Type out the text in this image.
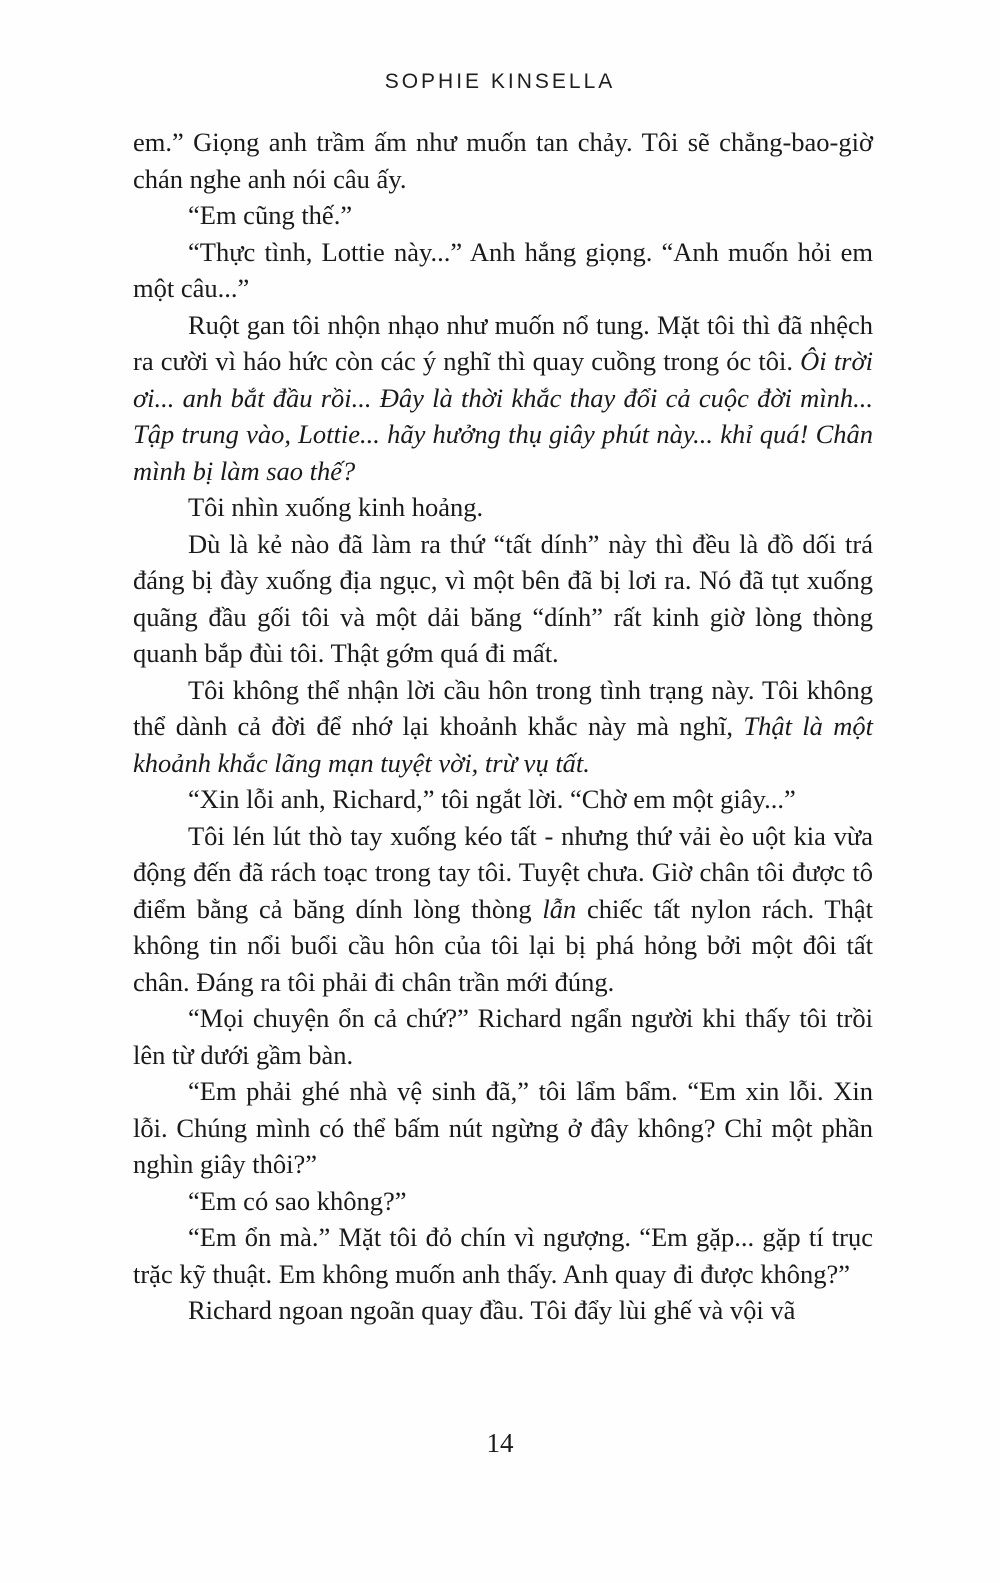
SOPHIE KINSELLA

em.” Giọng anh trầm ấm như muốn tan chảy. Tôi sẽ chẳng-bao-giờ chán nghe anh nói câu ấy.

“Em cũng thế.”

“Thực tình, Lottie này...” Anh hắng giọng. “Anh muốn hỏi em một câu...”

Ruột gan tôi nhộn nhạo như muốn nổ tung. Mặt tôi thì đã nhệch ra cười vì háo hức còn các ý nghĩ thì quay cuồng trong óc tôi. Ôi trời ơi... anh bắt đầu rồi... Đây là thời khắc thay đổi cả cuộc đời mình... Tập trung vào, Lottie... hãy hưởng thụ giây phút này... khỉ quá! Chân mình bị làm sao thế?

Tôi nhìn xuống kinh hoảng.

Dù là kẻ nào đã làm ra thứ “tất dính” này thì đều là đồ dối trá đáng bị đày xuống địa ngục, vì một bên đã bị lơi ra. Nó đã tụt xuống quãng đầu gối tôi và một dải băng “dính” rất kinh giờ lòng thòng quanh bắp đùi tôi. Thật gớm quá đi mất.

Tôi không thể nhận lời cầu hôn trong tình trạng này. Tôi không thể dành cả đời để nhớ lại khoảnh khắc này mà nghĩ, Thật là một khoảnh khắc lãng mạn tuyệt vời, trừ vụ tất.

“Xin lỗi anh, Richard,” tôi ngắt lời. “Chờ em một giây...”

Tôi lén lút thò tay xuống kéo tất - nhưng thứ vải èo uột kia vừa động đến đã rách toạc trong tay tôi. Tuyệt chưa. Giờ chân tôi được tô điểm bằng cả băng dính lòng thòng lẫn chiếc tất nylon rách. Thật không tin nổi buổi cầu hôn của tôi lại bị phá hỏng bởi một đôi tất chân. Đáng ra tôi phải đi chân trần mới đúng.

“Mọi chuyện ổn cả chứ?” Richard ngẩn người khi thấy tôi trồi lên từ dưới gầm bàn.

“Em phải ghé nhà vệ sinh đã,” tôi lẩm bẩm. “Em xin lỗi. Xin lỗi. Chúng mình có thể bấm nút ngừng ở đây không? Chỉ một phần nghìn giây thôi?”

“Em có sao không?”

“Em ổn mà.” Mặt tôi đỏ chín vì ngượng. “Em gặp... gặp tí trục trặc kỹ thuật. Em không muốn anh thấy. Anh quay đi được không?”

Richard ngoan ngoãn quay đầu. Tôi đẩy lùi ghế và vội vã

14
